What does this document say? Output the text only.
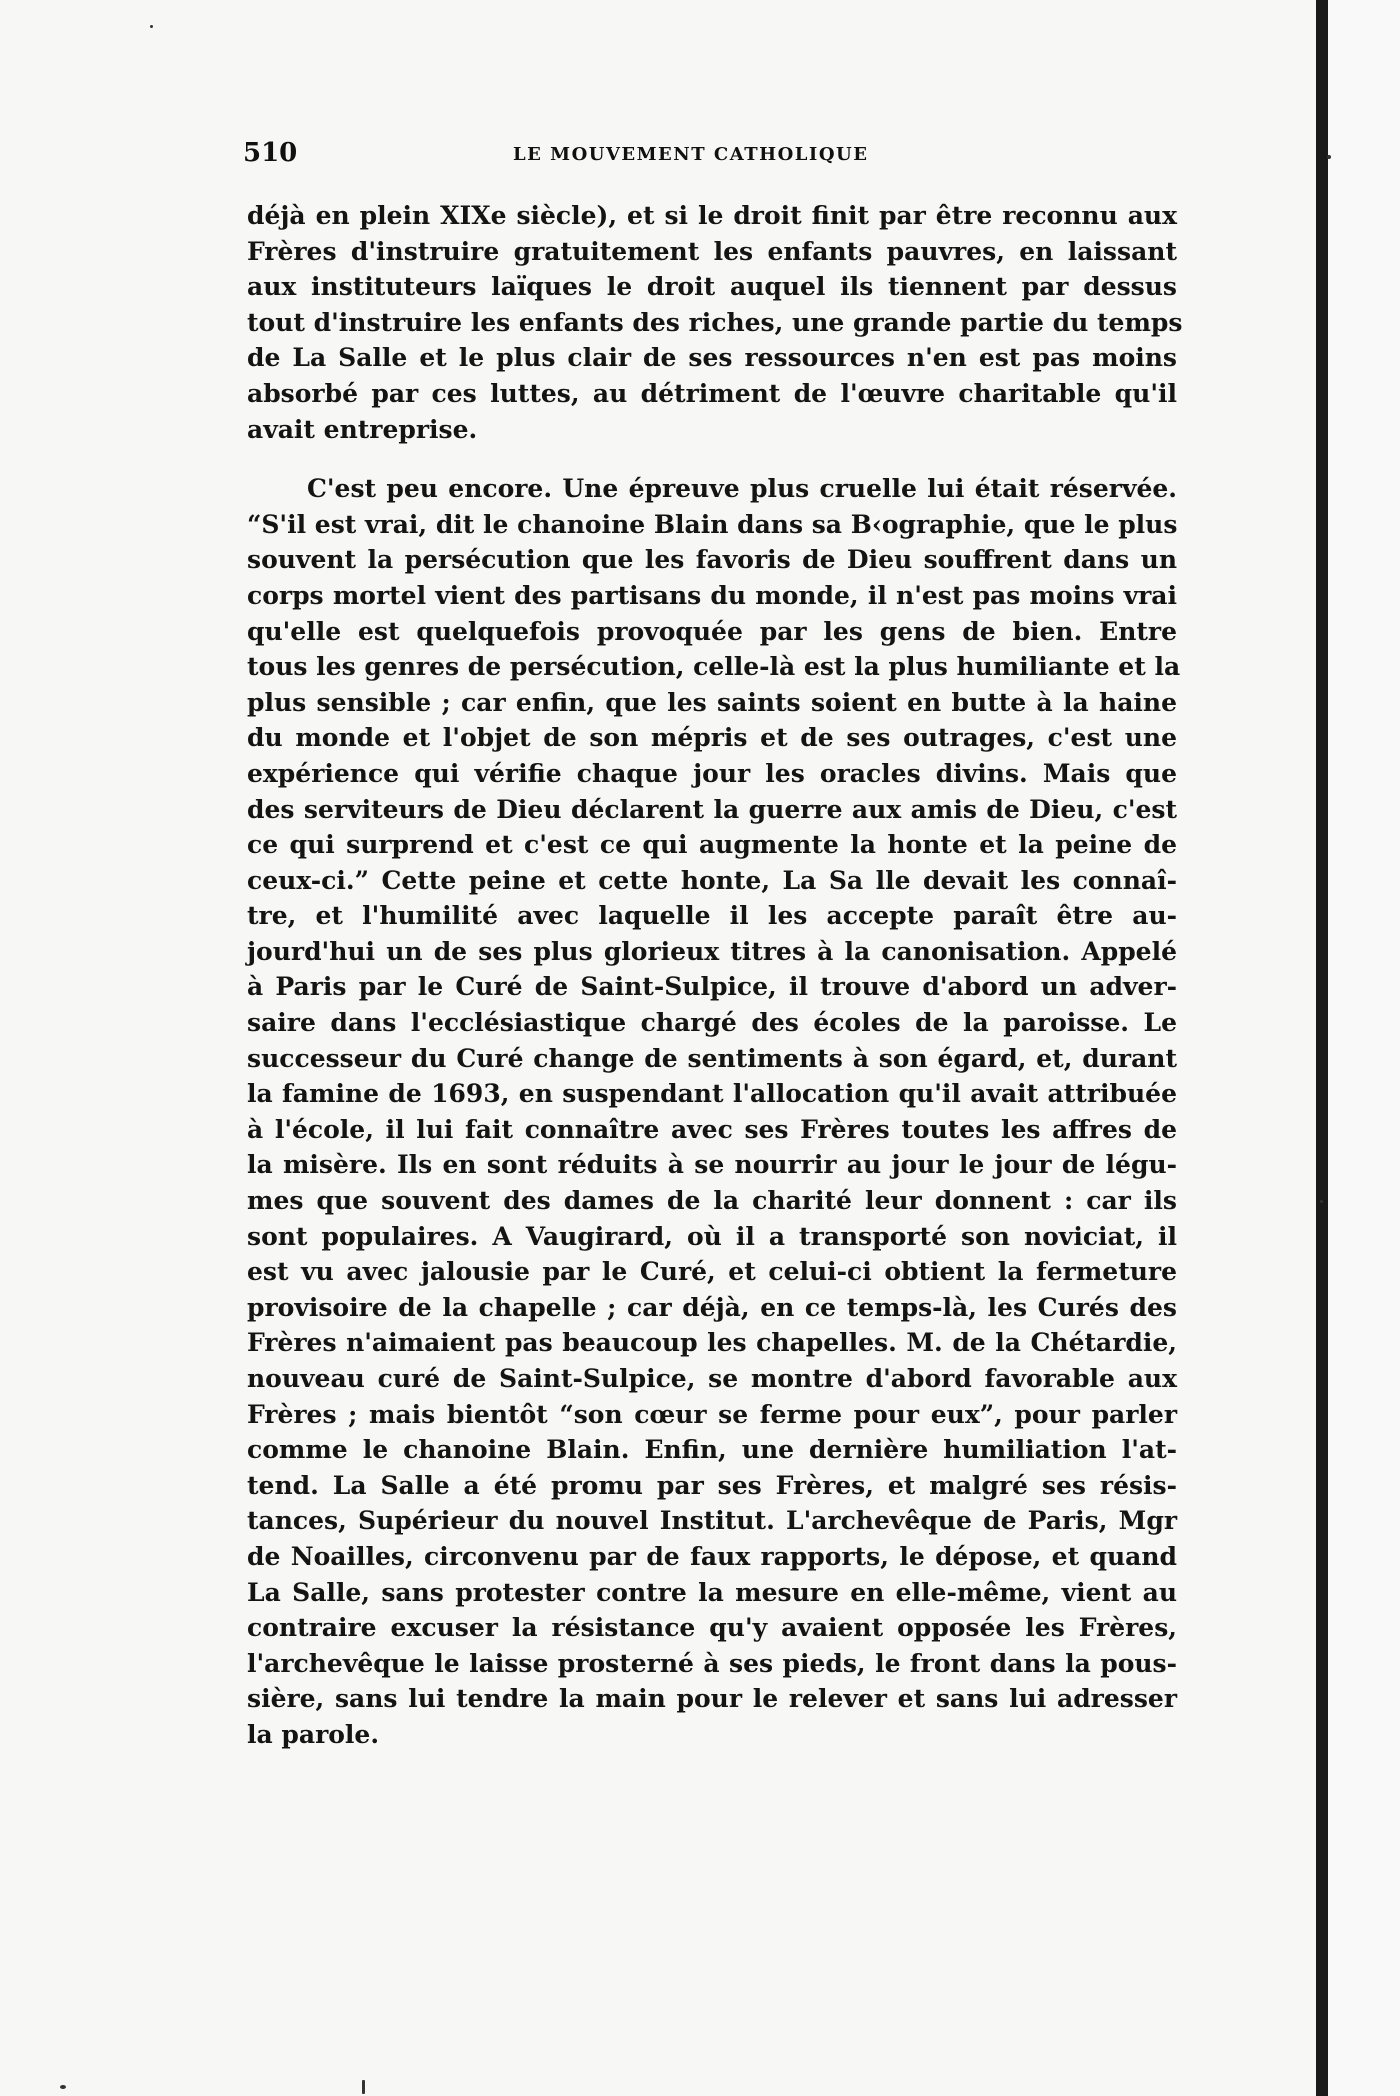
510	LE MOUVEMENT CATHOLIQUE
déjà en plein XIXe siècle), et si le droit finit par être reconnu aux
Frères d'instruire gratuitement les enfants pauvres, en laissant
aux instituteurs laïques le droit auquel ils tiennent par dessus
tout d'instruire les enfants des riches, une grande partie du temps
de La Salle et le plus clair de ses ressources n'en est pas moins
absorbé par ces luttes, au détriment de l'œuvre charitable qu'il
avait entreprise.
C'est peu encore. Une épreuve plus cruelle lui était réservée.
“S'il est vrai, dit le chanoine Blain dans sa B‹ographie, que le plus
souvent la persécution que les favoris de Dieu souffrent dans un
corps mortel vient des partisans du monde, il n'est pas moins vrai
qu'elle est quelquefois provoquée par les gens de bien. Entre
tous les genres de persécution, celle-là est la plus humiliante et la
plus sensible ; car enfin, que les saints soient en butte à la haine
du monde et l'objet de son mépris et de ses outrages, c'est une
expérience qui vérifie chaque jour les oracles divins. Mais que
des serviteurs de Dieu déclarent la guerre aux amis de Dieu, c'est
ce qui surprend et c'est ce qui augmente la honte et la peine de
ceux-ci.” Cette peine et cette honte, La Sa lle devait les connaî-
tre, et l'humilité avec laquelle il les accepte paraît être au-
jourd'hui un de ses plus glorieux titres à la canonisation. Appelé
à Paris par le Curé de Saint-Sulpice, il trouve d'abord un adver-
saire dans l'ecclésiastique chargé des écoles de la paroisse. Le
successeur du Curé change de sentiments à son égard, et, durant
la famine de 1693, en suspendant l'allocation qu'il avait attribuée
à l'école, il lui fait connaître avec ses Frères toutes les affres de
la misère. Ils en sont réduits à se nourrir au jour le jour de légu-
mes que souvent des dames de la charité leur donnent : car ils
sont populaires. A Vaugirard, où il a transporté son noviciat, il
est vu avec jalousie par le Curé, et celui-ci obtient la fermeture
provisoire de la chapelle ; car déjà, en ce temps-là, les Curés des
Frères n'aimaient pas beaucoup les chapelles. M. de la Chétardie,
nouveau curé de Saint-Sulpice, se montre d'abord favorable aux
Frères ; mais bientôt “son cœur se ferme pour eux”, pour parler
comme le chanoine Blain. Enfin, une dernière humiliation l'at-
tend. La Salle a été promu par ses Frères, et malgré ses résis-
tances, Supérieur du nouvel Institut. L'archevêque de Paris, Mgr
de Noailles, circonvenu par de faux rapports, le dépose, et quand
La Salle, sans protester contre la mesure en elle-même, vient au
contraire excuser la résistance qu'y avaient opposée les Frères,
l'archevêque le laisse prosterné à ses pieds, le front dans la pous-
sière, sans lui tendre la main pour le relever et sans lui adresser
la parole.
